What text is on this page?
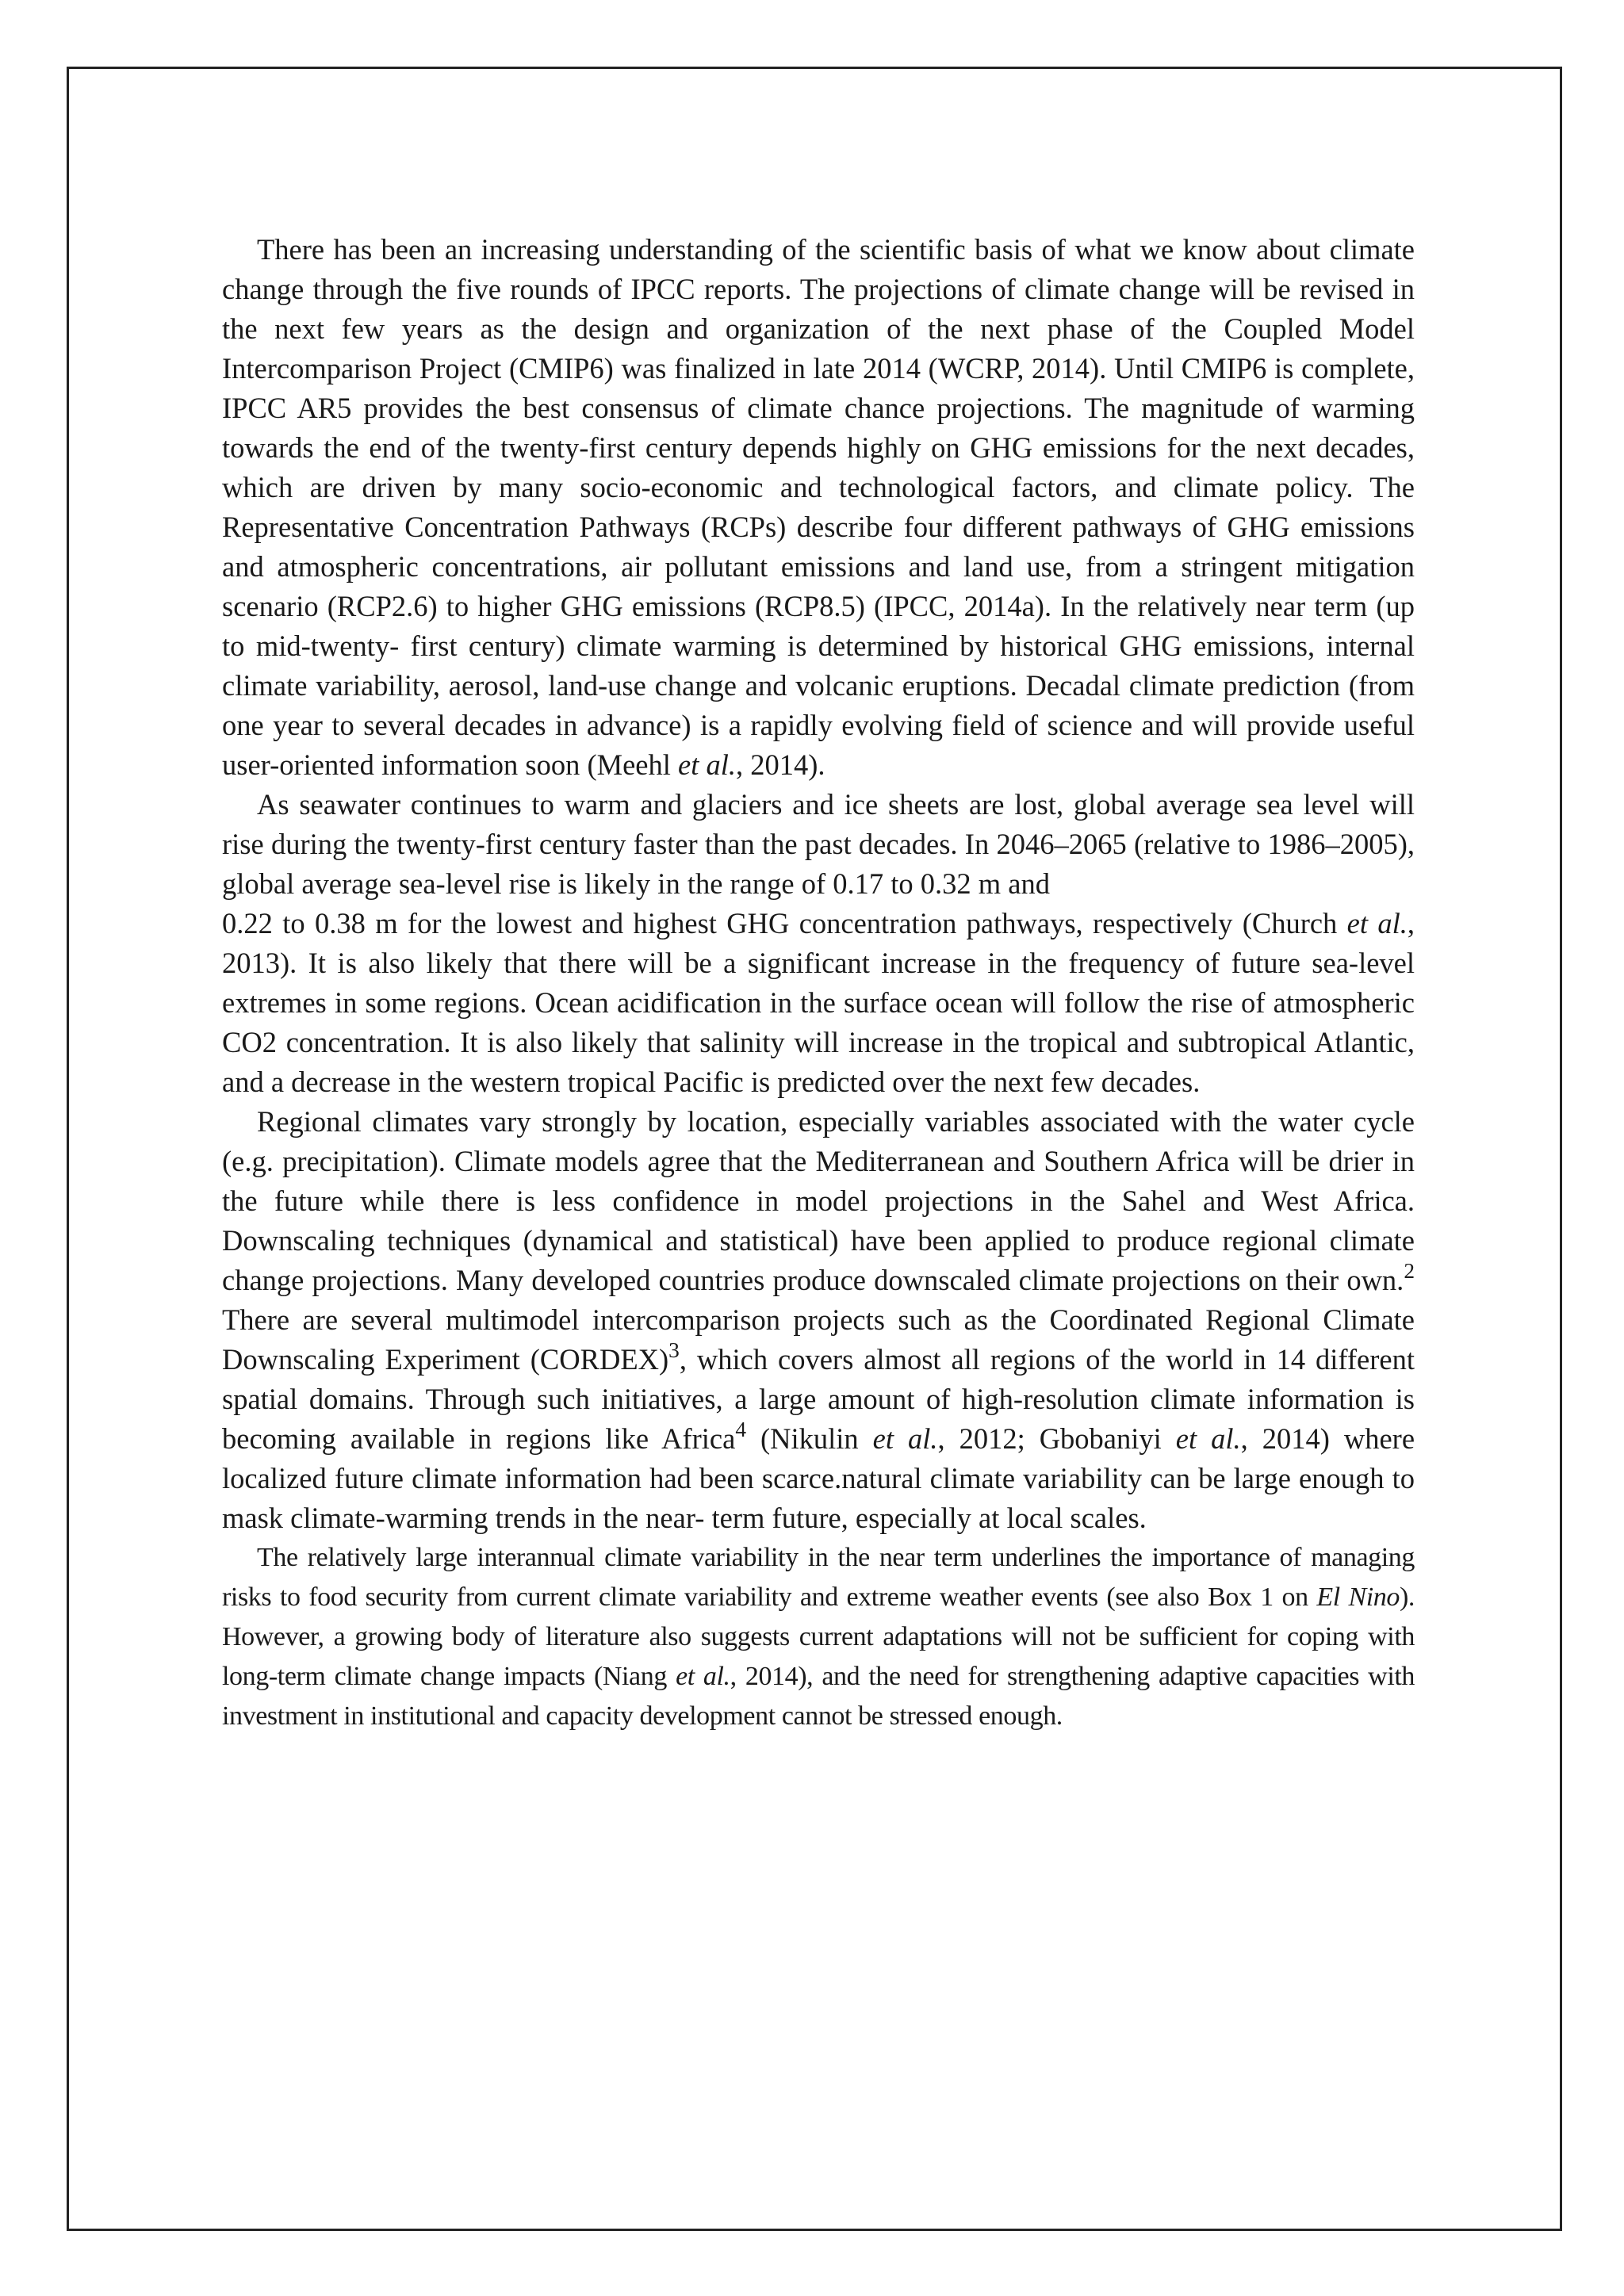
There has been an increasing understanding of the scientific basis of what we know about climate change through the five rounds of IPCC reports. The projections of climate change will be revised in the next few years as the design and organization of the next phase of the Coupled Model Intercomparison Project (CMIP6) was finalized in late 2014 (WCRP, 2014). Until CMIP6 is complete, IPCC AR5 provides the best consensus of climate chance projections. The magnitude of warming towards the end of the twenty-first century depends highly on GHG emissions for the next decades, which are driven by many socio-economic and technological factors, and climate policy. The Representative Concentration Pathways (RCPs) describe four different pathways of GHG emissions and atmospheric concentrations, air pollutant emissions and land use, from a stringent mitigation scenario (RCP2.6) to higher GHG emissions (RCP8.5) (IPCC, 2014a). In the relatively near term (up to mid-twenty- first century) climate warming is determined by historical GHG emissions, internal climate variability, aerosol, land-use change and volcanic eruptions. Decadal climate prediction (from one year to several decades in advance) is a rapidly evolving field of science and will provide useful user-oriented information soon (Meehl et al., 2014).

As seawater continues to warm and glaciers and ice sheets are lost, global average sea level will rise during the twenty-first century faster than the past decades. In 2046–2065 (relative to 1986–2005), global average sea-level rise is likely in the range of 0.17 to 0.32 m and
0.22 to 0.38 m for the lowest and highest GHG concentration pathways, respectively (Church et al., 2013). It is also likely that there will be a significant increase in the frequency of future sea-level extremes in some regions. Ocean acidification in the surface ocean will follow the rise of atmospheric CO2 concentration. It is also likely that salinity will increase in the tropical and subtropical Atlantic, and a decrease in the western tropical Pacific is predicted over the next few decades.

Regional climates vary strongly by location, especially variables associated with the water cycle (e.g. precipitation). Climate models agree that the Mediterranean and Southern Africa will be drier in the future while there is less confidence in model projections in the Sahel and West Africa. Downscaling techniques (dynamical and statistical) have been applied to produce regional climate change projections. Many developed countries produce downscaled climate projections on their own.$^2$ There are several multimodel intercomparison projects such as the Coordinated Regional Climate Downscaling Experiment (CORDEX)$^3$, which covers almost all regions of the world in 14 different spatial domains. Through such initiatives, a large amount of high-resolution climate information is becoming available in regions like Africa$^4$ (Nikulin et al., 2012; Gbobaniyi et al., 2014) where localized future climate information had been scarce.natural climate variability can be large enough to mask climate-warming trends in the near- term future, especially at local scales.

The relatively large interannual climate variability in the near term underlines the importance of managing risks to food security from current climate variability and extreme weather events (see also Box 1 on El Nino). However, a growing body of literature also suggests current adaptations will not be sufficient for coping with long-term climate change impacts (Niang et al., 2014), and the need for strengthening adaptive capacities with investment in institutional and capacity development cannot be stressed enough.
